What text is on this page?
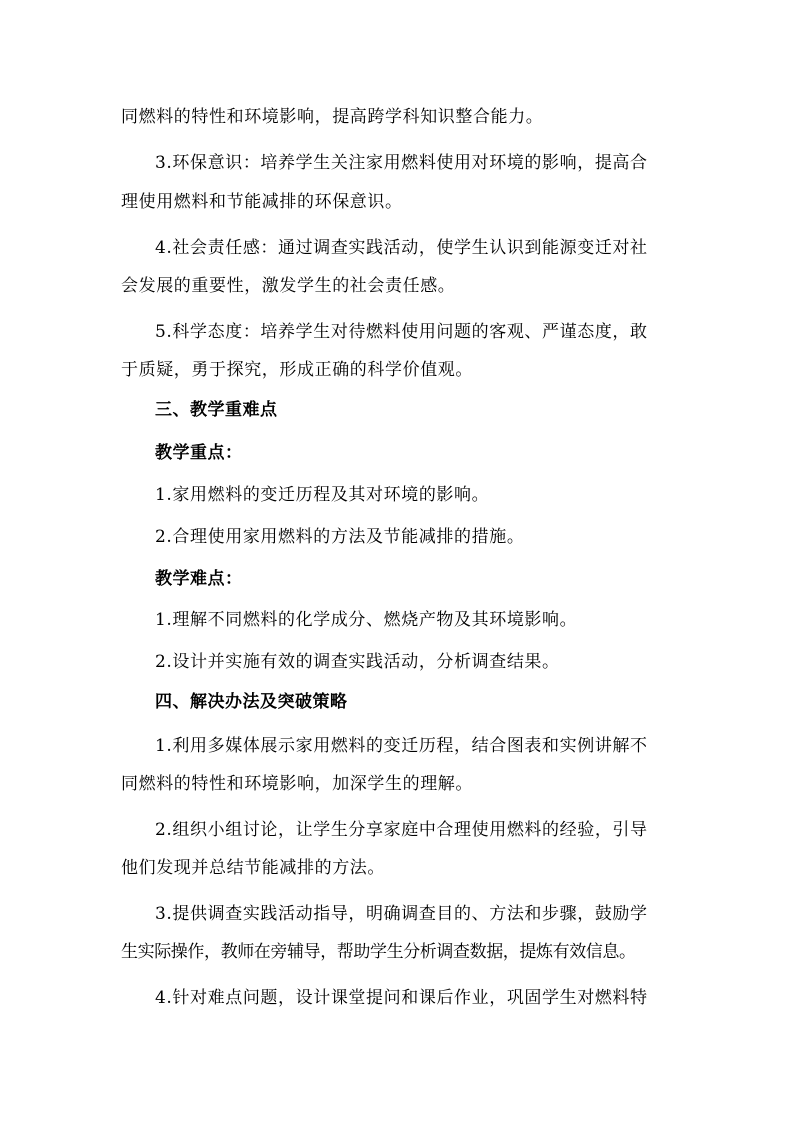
同燃料的特性和环境影响，提高跨学科知识整合能力。
3.环保意识：培养学生关注家用燃料使用对环境的影响，提高合
理使用燃料和节能减排的环保意识。
4.社会责任感：通过调查实践活动，使学生认识到能源变迁对社
会发展的重要性，激发学生的社会责任感。
5.科学态度：培养学生对待燃料使用问题的客观、严谨态度，敢
于质疑，勇于探究，形成正确的科学价值观。
三、教学重难点
教学重点：
1.家用燃料的变迁历程及其对环境的影响。
2.合理使用家用燃料的方法及节能减排的措施。
教学难点：
1.理解不同燃料的化学成分、燃烧产物及其环境影响。
2.设计并实施有效的调查实践活动，分析调查结果。
四、解决办法及突破策略
1.利用多媒体展示家用燃料的变迁历程，结合图表和实例讲解不
同燃料的特性和环境影响，加深学生的理解。
2.组织小组讨论，让学生分享家庭中合理使用燃料的经验，引导
他们发现并总结节能减排的方法。
3.提供调查实践活动指导，明确调查目的、方法和步骤，鼓励学
生实际操作，教师在旁辅导，帮助学生分析调查数据，提炼有效信息。
4.针对难点问题，设计课堂提问和课后作业，巩固学生对燃料特
